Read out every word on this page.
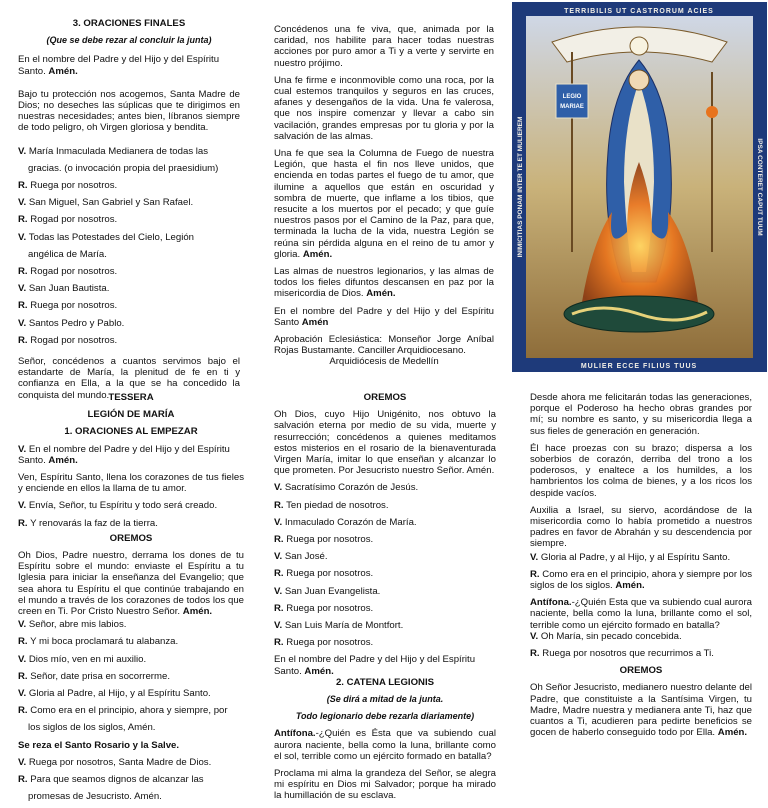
3. ORACIONES FINALES

(Que se debe rezar al concluir la junta)

En el nombre del Padre y del Hijo y del Espíritu Santo. Amén.

Bajo tu protección nos acogemos, Santa Madre de Dios; no deseches las súplicas que te dirigimos en nuestras necesidades; antes bien, líbranos siempre de todo peligro, oh Virgen gloriosa y bendita.

V. María Inmaculada Medianera de todas las

gracias. (o invocación propia del praesidium)

R. Ruega por nosotros.

V. San Miguel, San Gabriel y San Rafael.

R. Rogad por nosotros.

V. Todas las Potestades del Cielo, Legión

angélica de María.

R. Rogad por nosotros.

V. San Juan Bautista.

R. Ruega por nosotros.

V. Santos Pedro y Pablo.

R. Rogad por nosotros.

Señor, concédenos a cuantos servimos bajo el estandarte de María, la plenitud de fe en ti y confianza en Ella, a la que se ha concedido la conquista del mundo.

Concédenos una fe viva, que, animada por la caridad, nos habilite para hacer todas nuestras acciones por puro amor a Ti y a verte y servirte en nuestro prójimo.

Una fe firme e inconmovible como una roca, por la cual estemos tranquilos y seguros en las cruces, afanes y desengaños de la vida. Una fe valerosa, que nos inspire comenzar y llevar a cabo sin vacilación, grandes empresas por tu gloria y por la salvación de las almas.

Una fe que sea la Columna de Fuego de nuestra Legión, que hasta el fin nos lleve unidos, que encienda en todas partes el fuego de tu amor, que ilumine a aquellos que están en oscuridad y sombra de muerte, que inflame a los tibios, que resucite a los muertos por el pecado; y que guíe nuestros pasos por el Camino de la Paz, para que, terminada la lucha de la vida, nuestra Legión se reúna sin pérdida alguna en el reino de tu amor y gloria. Amén.

Las almas de nuestros legionarios, y las almas de todos los fieles difuntos descansen en paz por la misericordia de Dios. Amén.

En el nombre del Padre y del Hijo y del Espíritu Santo Amén

Aprobación Eclesiástica: Monseñor Jorge Aníbal Rojas Bustamante. Canciller Arquidiocesano.

Arquidiócesis de Medellín

LEGIO
MARIAE
TERRIBILIS UT CASTRORUM ACIES
MULIER ECCE FILIUS TUUS
INIMICITIAS PONAM INTER TE ET MULIEREM	IPSA CONTERET CAPUT TUUM

TESSERA

LEGIÓN DE MARÍA

1. ORACIONES AL EMPEZAR

V. En el nombre del Padre y del Hijo y del Espíritu Santo. Amén.

Ven, Espíritu Santo, llena los corazones de tus fieles y enciende en ellos la llama de tu amor.

V. Envía, Señor, tu Espíritu y todo será creado.

R. Y renovarás la faz de la tierra.

OREMOS

Oh Dios, Padre nuestro, derrama los dones de tu Espíritu sobre el mundo: enviaste el Espíritu a tu Iglesia para iniciar la enseñanza del Evangelio; que sea ahora tu Espíritu el que continúe trabajando en el mundo a través de los corazones de todos los que creen en Ti. Por Cristo Nuestro Señor. Amén.

V. Señor, abre mis labios.

R. Y mi boca proclamará tu alabanza.

V. Dios mío, ven en mi auxilio.

R. Señor, date prisa en socorrerme.

V. Gloria al Padre, al Hijo, y al Espíritu Santo.

R. Como era en el principio, ahora y siempre, por

los siglos de los siglos, Amén.

Se reza el Santo Rosario y la Salve.

V. Ruega por nosotros, Santa Madre de Dios.

R. Para que seamos dignos de alcanzar las

promesas de Jesucristo. Amén.

OREMOS

Oh Dios, cuyo Hijo Unigénito, nos obtuvo la salvación eterna por medio de su vida, muerte y resurrección; concédenos a quienes meditamos estos misterios en el rosario de la bienaventurada Virgen María, imitar lo que enseñan y alcanzar lo que prometen. Por Jesucristo nuestro Señor. Amén.

V. Sacratísimo Corazón de Jesús.

R. Ten piedad de nosotros.

V. Inmaculado Corazón de María.

R. Ruega por nosotros.

V. San José.

R. Ruega por nosotros.

V. San Juan Evangelista.

R. Ruega por nosotros.

V. San Luis María de Montfort.

R. Ruega por nosotros.

En el nombre del Padre y del Hijo y del Espíritu Santo. Amén.

2. CATENA LEGIONIS

(Se dirá a mitad de la junta.

Todo legionario debe rezarla diariamente)

Antífona.-¿Quién es Ésta que va subiendo cual aurora naciente, bella como la luna, brillante como el sol, terrible como un ejército formado en batalla?

Proclama mi alma la grandeza del Señor, se alegra mi espíritu en Dios mi Salvador; porque ha mirado la humillación de su esclava.

Desde ahora me felicitarán todas las generaciones, porque el Poderoso ha hecho obras grandes por mí; su nombre es santo, y su misericordia llega a sus fieles de generación en generación.

Él hace proezas con su brazo; dispersa a los soberbios de corazón, derriba del trono a los poderosos, y enaltece a los humildes, a los hambrientos los colma de bienes, y a los ricos los despide vacíos.

Auxilia a Israel, su siervo, acordándose de la misericordia como lo había prometido a nuestros padres en favor de Abrahán y su descendencia por siempre.

V. Gloria al Padre, y al Hijo, y al Espíritu Santo.

R. Como era en el principio, ahora y siempre por los siglos de los siglos. Amén.

Antífona.-¿Quién Esta que va subiendo cual aurora naciente, bella como la luna, brillante como el sol, terrible como un ejército formado en batalla?

V. Oh María, sin pecado concebida.

R. Ruega por nosotros que recurrimos a Ti.

OREMOS

Oh Señor Jesucristo, medianero nuestro delante del Padre, que constituiste a la Santísima Virgen, tu Madre, Madre nuestra y medianera ante Ti, haz que cuantos a Ti, acudieren para pedirte beneficios se gocen de haberlo conseguido todo por Ella. Amén.
